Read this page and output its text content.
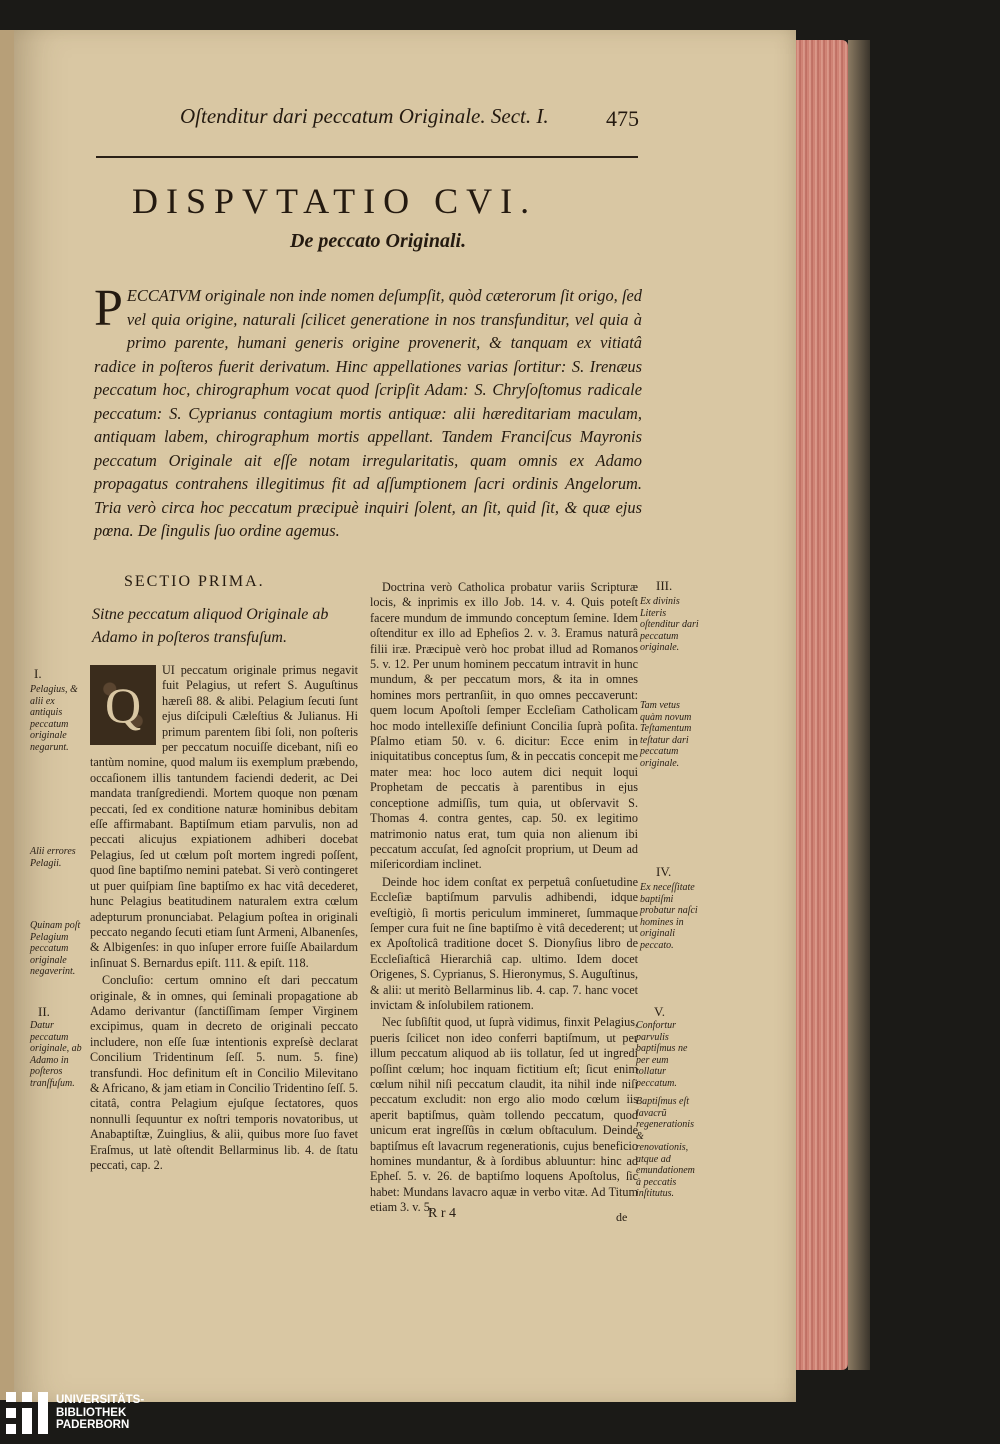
Oſtenditur dari peccatum Originale. Sect. I.	475
DISPVTATIO CVI.
De peccato Originali.
PECCATVM originale non inde nomen deſumpſit, quòd cæterorum ſit origo, ſed vel quia origine, naturali ſcilicet generatione in nos transfunditur, vel quia à primo parente, humani generis origine provenerit, & tanquam ex vitiatâ radice in poſteros fuerit derivatum. Hinc appellationes varias ſortitur: S. Irenæus peccatum hoc, chirographum vocat quod ſcripſit Adam: S. Chryſoſtomus radicale peccatum: S. Cyprianus contagium mortis antiquæ: alii hæreditariam maculam, antiquam labem, chirographum mortis appellant. Tandem Franciſcus Mayronis peccatum Originale ait eſſe notam irregularitatis, quam omnis ex Adamo propagatus contrahens illegitimus fit ad aſſumptionem ſacri ordinis Angelorum. Tria verò circa hoc peccatum præcipuè inquiri ſolent, an ſit, quid ſit, & quæ ejus pœna. De ſingulis ſuo ordine agemus.
SECTIO PRIMA.
Sitne peccatum aliquod Originale ab Adamo in poſteros transfuſum.

Q
UI peccatum originale primus negavit fuit Pelagius, ut refert S. Auguſtinus hæreſi 88. & alibi. Pelagium ſecuti ſunt ejus diſcipuli Cæleſtius & Julianus. Hi primum parentem ſibi ſoli, non poſteris per peccatum nocuiſſe dicebant, niſi eo tantùm nomine, quod malum iis exemplum præbendo, occaſionem illis tantundem faciendi dederit, ac Dei mandata tranſgrediendi. Mortem quoque non pœnam peccati, ſed ex conditione naturæ hominibus debitam eſſe affirmabant. Baptiſmum etiam parvulis, non ad peccati alicujus expiationem adhiberi docebat Pelagius, ſed ut cœlum poſt mortem ingredi poſſent, quod ſine baptiſmo nemini patebat. Si verò contingeret ut puer quiſpiam ſine baptiſmo ex hac vitâ decederet, hunc Pelagius beatitudinem naturalem extra cœlum adepturum pronunciabat. Pelagium poſtea in originali peccato negando ſecuti etiam ſunt Armeni, Albanenſes, & Albigenſes: in quo inſuper errore fuiſſe Abailardum inſinuat S. Bernardus epiſt. 111. & epiſt. 118.

Concluſio: certum omnino eſt dari peccatum originale, & in omnes, qui ſeminali propagatione ab Adamo derivantur (ſanctiſſimam ſemper Virginem excipimus, quam in decreto de originali peccato includere, non eſſe ſuæ intentionis expreſsè declarat Concilium Tridentinum ſeſſ. 5. num. 5. fine) transfundi. Hoc definitum eſt in Concilio Milevitano & Africano, & jam etiam in Concilio Tridentino ſeſſ. 5. citatâ, contra Pelagium ejuſque ſectatores, quos nonnulli ſequuntur ex noſtri temporis novatoribus, ut Anabaptiſtæ, Zuinglius, & alii, quibus more ſuo favet Eraſmus, ut latè oſtendit Bellarminus lib. 4. de ſtatu peccati, cap. 2.

Doctrina verò Catholica probatur variis Scripturæ locis, & inprimis ex illo Job. 14. v. 4. Quis poteſt facere mundum de immundo conceptum ſemine. Idem oſtenditur ex illo ad Epheſios 2. v. 3. Eramus naturâ filii iræ. Præcipuè verò hoc probat illud ad Romanos 5. v. 12. Per unum hominem peccatum intravit in hunc mundum, & per peccatum mors, & ita in omnes homines mors pertranſiit, in quo omnes peccaverunt: quem locum Apoſtoli ſemper Eccleſiam Catholicam hoc modo intellexiſſe definiunt Concilia ſuprà poſita. Pſalmo etiam 50. v. 6. dicitur: Ecce enim in iniquitatibus conceptus ſum, & in peccatis concepit me mater mea: hoc loco autem dici nequit loqui Prophetam de peccatis à parentibus in ejus conceptione admiſſis, tum quia, ut obſervavit S. Thomas 4. contra gentes, cap. 50. ex legitimo matrimonio natus erat, tum quia non alienum ibi peccatum accuſat, ſed agnoſcit proprium, ut Deum ad miſericordiam inclinet.

Deinde hoc idem conſtat ex perpetuâ conſuetudine Eccleſiæ baptiſmum parvulis adhibendi, idque eveſtigiò, ſi mortis periculum immineret, ſummaque ſemper cura fuit ne ſine baptiſmo è vitâ decederent; ut ex Apoſtolicâ traditione docet S. Dionyſius libro de Eccleſiaſticâ Hierarchiâ cap. ultimo. Idem docet Origenes, S. Cyprianus, S. Hieronymus, S. Auguſtinus, & alii: ut meritò Bellarminus lib. 4. cap. 7. hanc vocet invictam & inſolubilem rationem.

Nec ſubſiſtit quod, ut ſuprà vidimus, finxit Pelagius, pueris ſcilicet non ideo conferri baptiſmum, ut per illum peccatum aliquod ab iis tollatur, ſed ut ingredi poſſint cœlum; hoc inquam fictitium eſt; ſicut enim cœlum nihil niſi peccatum claudit, ita nihil inde niſi peccatum excludit: non ergo alio modo cœlum iis aperit baptiſmus, quàm tollendo peccatum, quod unicum erat ingreſſûs in cœlum obſtaculum. Deinde baptiſmus eſt lavacrum regenerationis, cujus beneficio homines mundantur, & à ſordibus abluuntur: hinc ad Epheſ. 5. v. 26. de baptiſmo loquens Apoſtolus, ſic habet: Mundans lavacro aquæ in verbo vitæ. Ad Titum etiam 3. v. 5.

I.
Pelagius, & alii ex antiquis peccatum originale negarunt.
Alii errores Pelagii.
Quinam poſt Pelagium peccatum originale negaverint.
II.
Datur peccatum originale, ab Adamo in poſteros tranſfuſum.
III.
Ex divinis Literis oſtenditur dari peccatum originale.
Tam vetus quàm novum Teſtamentum teſtatur dari peccatum originale.
IV.
Ex neceſſitate baptiſmi probatur naſci homines in originali peccato.
V.
Confortur parvulis baptiſmus ne per eum tollatur peccatum.
Baptiſmus eſt lavacrũ regenerationis & renovationis, atque ad emundationem à peccatis inſtitutus.
R r 4	de
UNIVERSITÄTS-
BIBLIOTHEK
PADERBORN
